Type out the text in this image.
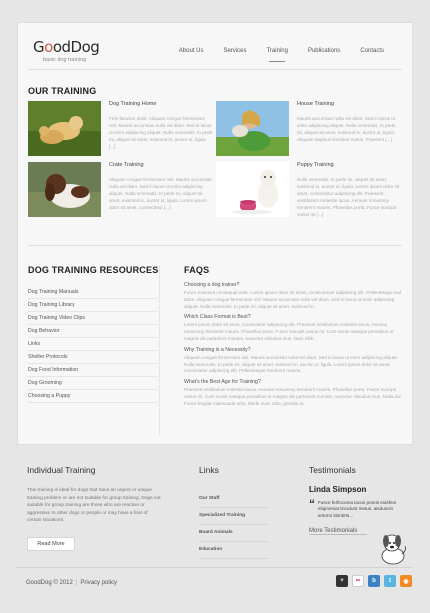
GoodDog
basic dog training
About Us	Services	Training	Publications	Contacts
OUR TRAINING
Dog Training Home
Fefe fasusus dolor. Aliquam congue fermentum nisl. Mauris accumsan nulla vel diam. Sed in lacus ut enim adipiscing aliquet. Nulla venenatis. In pede mi, aliquet sit amet, euismod in, auctor ut, ligula [...]
House Training
Mauris accumsan nulla vel diam. Sed in lacus ut enim adipiscing aliquet. Nulla venenatis. In pede mi, aliquet sit amet, euismod in, auctor ut, ligula. Aliquam dapibus tincidunt metus. Praesent [...]
Crate Training
Aliquam congue fermentum nisl. Mauris accumsan nulla vel diam. Sed in lacus ut enim adipiscing aliquet. Nulla venenatis. In pede mi, aliquet sit amet, euismod in, auctor ut, ligula. Lorem ipsum dolor sit amet, consectetur [...]
Puppy Training
Nulla venenatis. In pede mi, aliquet sit amet, euismod in, auctor ut, ligula. Lorem ipsum dolor sit amet, consectetur adipiscing elit. Praesent vestibulum molestie lacus. Aenean nonummy hendrerit mauris. Phasellus porta. Fusce suscipit varius mi [...]
DOG TRAINING RESOURCES
Dog Training Manuals
Dog Training Library
Dog Training Video Clips
Dog Behavior
Links
Shelter Protocols
Dog Food Information
Dog Grooming
Choosing a Puppy
FAQS
Choosing a dog trainer?
Fusce euismod consequat ante. Lorem ipsum dolor sit amet, consectetuer adipiscing elit. Pellentesque sed dolor. Aliquam congue fermentum nisl. Mauris accumsan nulla vel diam. Sed in lacus ut enim adipiscing aliquet. Nulla venenatis. In pede mi, aliquet sit amet, euismod in.
Which Class Format is Best?
Lorem ipsum dolor sit amet, consectetur adipiscing elit. Praesent vestibulum molestie lacus. Aenean nonummy hendrerit mauris. Phasellus porta. Fusce suscipit varius mi. Cum sociis natoque penatibus et magnis dis parturient montes, nascetur ridiculus mus. Nam nibh.
Why Training is a Necessity?
Aliquam congue fermentum nisl. Mauris accumsan nulla vel diam. Sed in lacus ut enim adipiscing aliquet. Nulla venenatis. In pede mi, aliquet sit amet, euismod in, auctor ut, ligula. Lorem ipsum dolor sit amet, consectetur adipiscing elit. Pellentesque hendrerit mauris.
What's the Best Age for Training?
Praesent vestibulum molestie lacus. Aenean nonummy hendrerit mauris. Phasellus porta. Fusce suscipit varius mi. Cum sociis natoque penatibus et magnis dis parturient montes, nascetur ridiculus mus. Nulla dui. Fusce feugiat malesuada odio. Morbi nunc odio, gravida at.
Individual Training
This training is ideal for dogs that have an urgent or unique training problem or are not suitable for group training. Dogs not suitable for group training are those who are reactive or aggressive to other dogs or people or may have a fear of certain situations.
Read More
Links
Our Staff
Specialized Training
Board Animals
Education
Testimonials
Linda Simpson
“ Fusce ferficcuma iacun poresi euisfeoi eliqmeniat tincidunt metus. aisduncin iertorni itsmtirts...
More Testimonials
GoodDog © 2012 | Privacy policy	+ •• b t ◉
